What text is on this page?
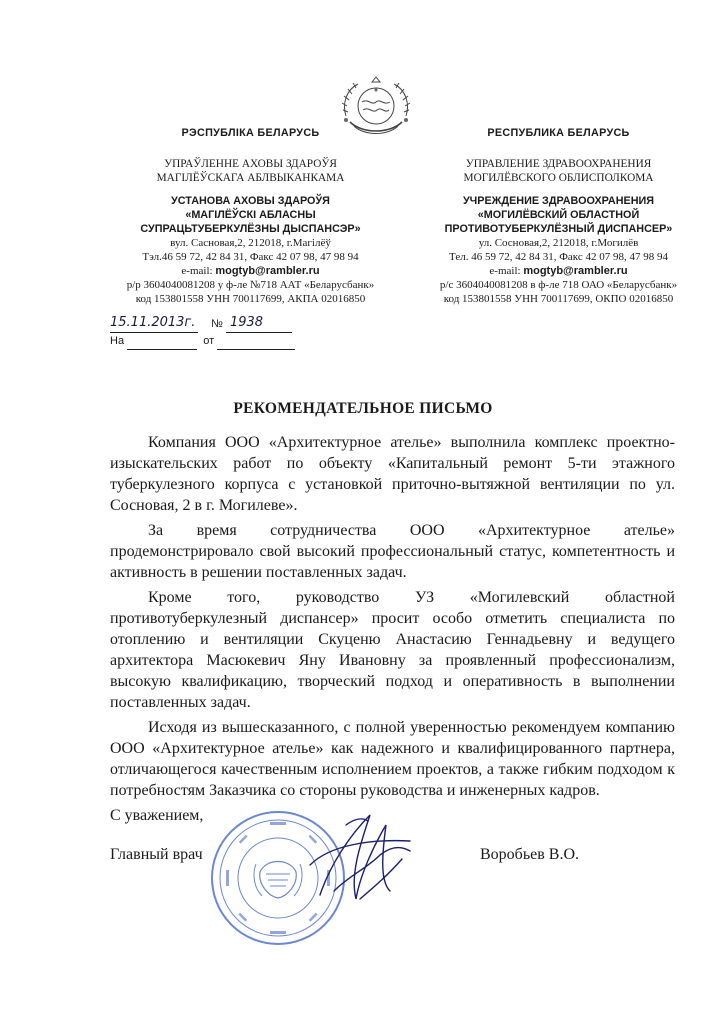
РЭСПУБЛІКА БЕЛАРУСЬ
УПРАЎЛЕННЕ АХОВЫ ЗДАРОЎЯ
МАГІЛЁЎСКАГА АБЛВЫКАНКАМА
УСТАНОВА АХОВЫ ЗДАРОЎЯ
«МАГІЛЁЎСКІ АБЛАСНЫ
СУПРАЦЬТУБЕРКУЛЁЗНЫ ДЫСПАНСЭР»
вул. Сасновая,2, 212018, г.Магілёў
Тэл.46 59 72, 42 84 31, Факс 42 07 98, 47 98 94
e-mail: mogtyb@rambler.ru
р/р 3604040081208 у ф-ле №718 ААТ «Беларусбанк»
код 153801558 УНН 700117699, АКПА 02016850
РЕСПУБЛИКА БЕЛАРУСЬ
УПРАВЛЕНИЕ ЗДРАВООХРАНЕНИЯ
МОГИЛЁВСКОГО ОБЛИСПОЛКОМА
УЧРЕЖДЕНИЕ ЗДРАВООХРАНЕНИЯ
«МОГИЛЁВСКИЙ ОБЛАСТНОЙ
ПРОТИВОТУБЕРКУЛЁЗНЫЙ ДИСПАНСЕР»
ул. Сосновая,2, 212018, г.Могилёв
Тел. 46 59 72, 42 84 31, Факс 42 07 98, 47 98 94
e-mail: mogtyb@rambler.ru
р/с 3604040081208 в ф-ле 718 ОАО «Беларусбанк»
код 153801558 УНН 700117699, ОКПО 02016850
15.11.2013г. № 1938
На	от
РЕКОМЕНДАТЕЛЬНОЕ ПИСЬМО

Компания ООО «Архитектурное ателье» выполнила комплекс проектно-изыскательских работ по объекту «Капитальный ремонт 5-ти этажного туберкулезного корпуса с установкой приточно-вытяжной вентиляции по ул. Сосновая, 2 в г. Могилеве».

За время сотрудничества ООО «Архитектурное ателье» продемонстрировало свой высокий профессиональный статус, компетентность и активность в решении поставленных задач.

Кроме того, руководство УЗ «Могилевский областной противотуберкулезный диспансер» просит особо отметить специалиста по отоплению и вентиляции Скуценю Анастасию Геннадьевну и ведущего архитектора Масюкевич Яну Ивановну за проявленный профессионализм, высокую квалификацию, творческий подход и оперативность в выполнении поставленных задач.

Исходя из вышесказанного, с полной уверенностью рекомендуем компанию ООО «Архитектурное ателье» как надежного и квалифицированного партнера, отличающегося качественным исполнением проектов, а также гибким подходом к потребностям Заказчика со стороны руководства и инженерных кадров.

С уважением,
Главный врач	Воробьев В.О.
